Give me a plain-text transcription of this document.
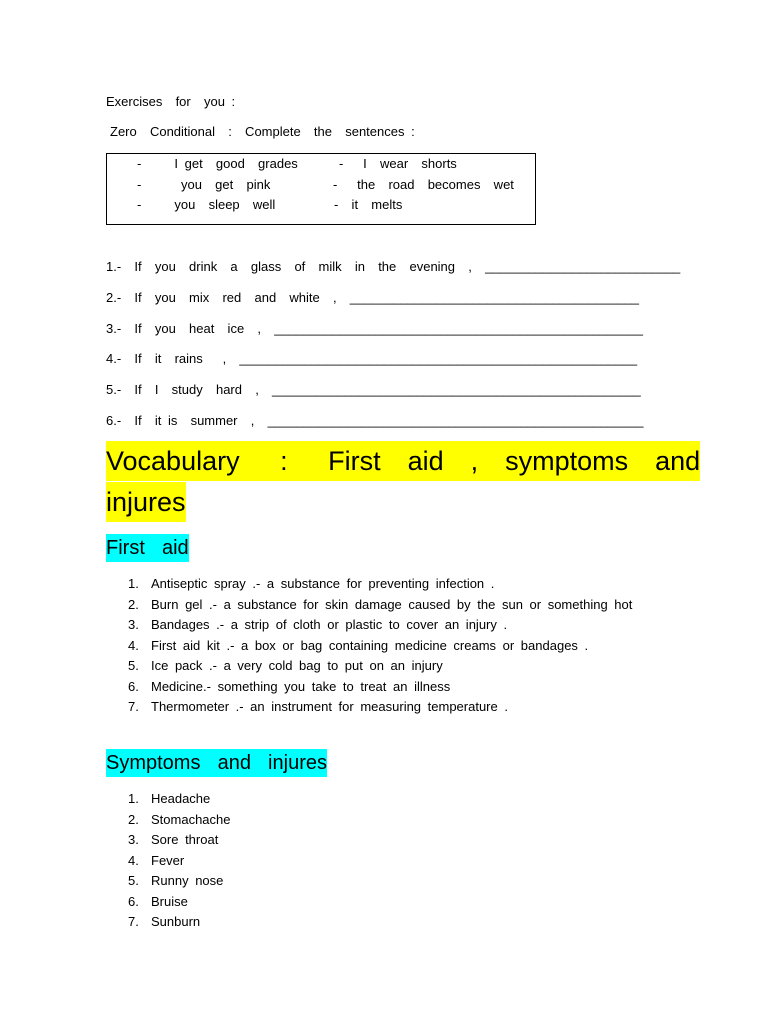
Exercises  for  you :
Zero  Conditional  :  Complete  the  sentences :
-     I get  good  grades
-      you  get  pink
-     you  sleep  well
-   I  wear  shorts
-   the  road  becomes  wet
-  it  melts
1.-  If  you  drink  a  glass  of  milk  in  the  evening  ,  ___________________________
2.-  If  you  mix  red  and  white  ,  ________________________________________
3.-  If  you  heat  ice  ,  ___________________________________________________
4.-  If  it  rains   ,  _______________________________________________________
5.-  If  I  study  hard  ,  ___________________________________________________
6.-  If  it is  summer  ,  ____________________________________________________
Vocabulary   :   First  aid  ,  symptoms  and
injures
First  aid
1. Antiseptic spray .- a substance for preventing infection .
2. Burn gel .- a substance for skin damage caused by the sun or something hot
3. Bandages .- a strip of cloth or plastic to cover an injury .
4. First aid kit .- a box or bag containing medicine creams or bandages .
5. Ice pack .- a very cold bag to put on an injury
6. Medicine.- something you take to treat an illness
7. Thermometer .- an instrument for measuring temperature .
Symptoms  and  injures
1. Headache
2. Stomachache
3. Sore throat
4. Fever
5. Runny nose
6. Bruise
7. Sunburn
